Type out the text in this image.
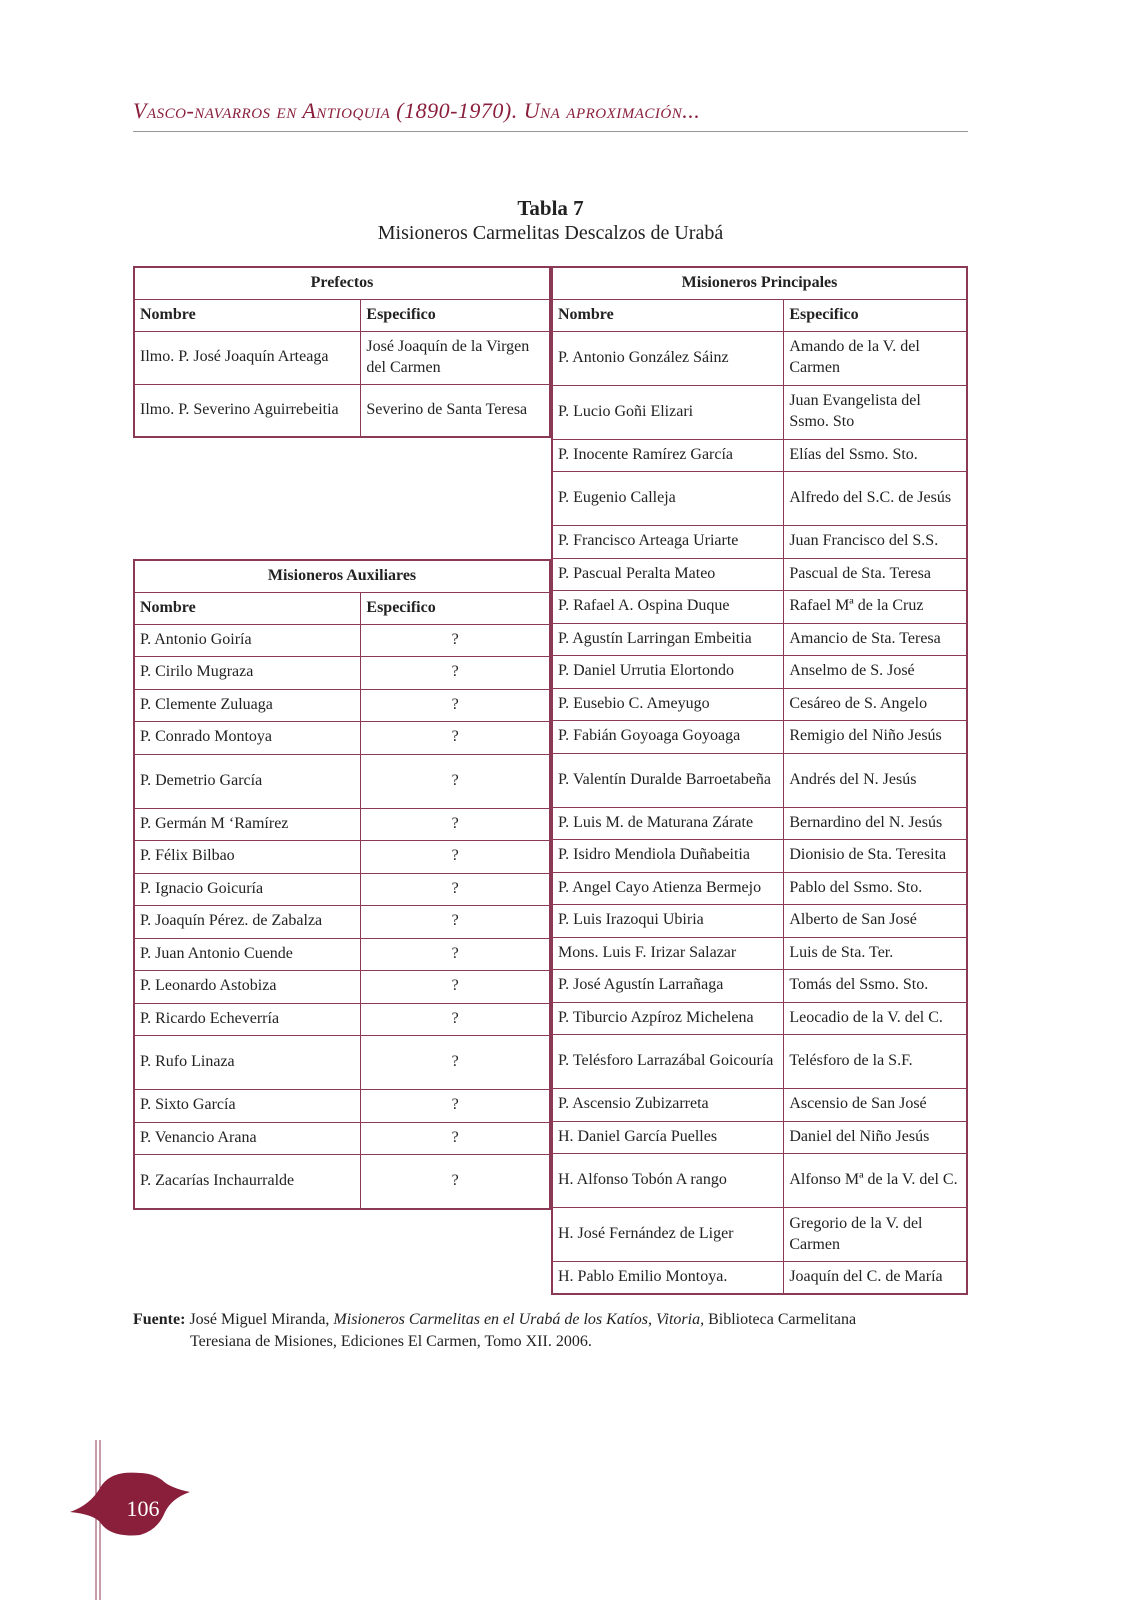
Vasco-navarros en Antioquia (1890-1970). Una aproximación...
Tabla 7
Misioneros Carmelitas Descalzos de Urabá
Prefectos	
Nombre	Especifico
Ilmo. P. José Joaquín Arteaga	José Joaquín de la Virgen del Carmen
Ilmo. P. Severino Aguirrebeitia	Severino de Santa Teresa
Misioneros Auxiliares	
Nombre	Especifico
P. Antonio Goiría	?
P. Cirilo Mugraza	?
P. Clemente Zuluaga	?
P. Conrado Montoya	?
P. Demetrio García	?
P. Germán M ‘Ramírez	?
P. Félix Bilbao	?
P. Ignacio Goicuría	?
P. Joaquín Pérez. de Zabalza	?
P. Juan Antonio Cuende	?
P. Leonardo Astobiza	?
P. Ricardo Echeverría	?
P. Rufo Linaza	?
P. Sixto García	?
P. Venancio Arana	?
P. Zacarías Inchaurralde	?
Misioneros Principales	
Nombre	Especifico
P. Antonio González Sáinz	Amando de la V. del Carmen
P. Lucio Goñi Elizari	Juan Evangelista del Ssmo. Sto
P. Inocente Ramírez García	Elías del Ssmo. Sto.
P. Eugenio Calleja	Alfredo del S.C. de Jesús
P. Francisco Arteaga Uriarte	Juan Francisco del S.S.
P. Pascual Peralta Mateo	Pascual de Sta. Teresa
P. Rafael A. Ospina Duque	Rafael Mª de la Cruz
P. Agustín Larringan Embeitia	Amancio de Sta. Teresa
P. Daniel Urrutia Elortondo	Anselmo de S. José
P. Eusebio C. Ameyugo	Cesáreo de S. Angelo
P. Fabián Goyoaga Goyoaga	Remigio del Niño Jesús
P. Valentín Duralde Barroetabeña	Andrés del N. Jesús
P. Luis M. de Maturana Zárate	Bernardino del N. Jesús
P. Isidro Mendiola Duñabeitia	Dionisio de Sta. Teresita
P. Angel Cayo Atienza Bermejo	Pablo del Ssmo. Sto.
P. Luis Irazoqui Ubiria	Alberto de San José
Mons. Luis F. Irizar Salazar	Luis de Sta. Ter.
P. José Agustín Larrañaga	Tomás del Ssmo. Sto.
P. Tiburcio Azpíroz Michelena	Leocadio de la V. del C.
P. Telésforo Larrazábal Goicouría	Telésforo de la S.F.
P. Ascensio Zubizarreta	Ascensio de San José
H. Daniel García Puelles	Daniel del Niño Jesús
H. Alfonso Tobón A rango	Alfonso Mª de la V. del C.
H. José Fernández de Liger	Gregorio de la V. del Carmen
H. Pablo Emilio Montoya.	Joaquín del C. de María
Fuente: José Miguel Miranda, Misioneros Carmelitas en el Urabá de los Katíos, Vitoria, Biblioteca Carmelitana
Teresiana de Misiones, Ediciones El Carmen, Tomo XII. 2006.
106
